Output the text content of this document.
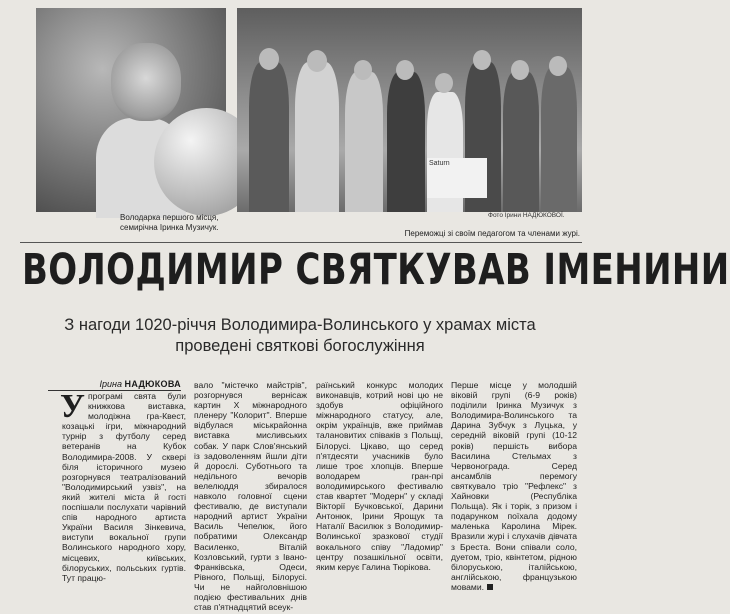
Володарка першого місця, семирічна Іринка Музичук.
Saturn
Фото Ірини НАДЮКОВОЇ.
Переможці зі своїм педагогом та членами журі.
ВОЛОДИМИР СВЯТКУВАВ ІМЕНИНИ
З нагоди 1020-річчя Володимира-Волинського у храмах міста проведені святкові богослужіння
Ірина НАДЮКОВА
Упрограмі свята були книжкова виставка, молодіжна гра-Квест, козацькі ігри, міжнародний турнір з футболу серед ветеранів на Кубок Володимира-2008. У сквері біля історичного музею розгорнувся театралізований "Володимирський узвіз", на який жителі міста й гості поспішали послухати чарівний спів народного артиста України Василя Зінкевича, виступи вокальної групи Волинського народного хору, місцевих, київських, білоруських, польських гуртів. Тут працю-
вало "містечко майстрів", розгорнувся вернісаж картин Х міжнародного пленеру "Колорит". Вперше відбулася міськрайонна виставка мисливських собак. У парк Слов'янський із задоволенням йшли діти й дорослі. Суботнього та недільного вечорів велелюддя збиралося навколо головної сцени фестивалю, де виступали народний артист України Василь Чепелюк, його побратими Олександр Василенко, Віталій Козловський, гурти з Івано-Франківська, Одеси, Рівного, Польщі, Білорусі. Чи не найголовнішою подією фестивальних днів став п'ятнадцятий всеук-
раїнський конкурс молодих виконавців, котрий нові цю не здобув офіційного міжнародного статусу, але, окрім українців, вже приймав талановитих співаків з Польщі, Білорусі. Цікаво, що серед п'ятдесяти учасників було лише троє хлопців. Вперше володарем гран-прі володимирського фестивалю став квартет "Модерн" у складі Вікторії Бучковської, Дарини Антонюк, Ірини Ярощук та Наталії Василюк з Володимир-Волинської зразкової студії вокального співу "Ладомир" центру позашкільної освіти, яким керує Галина Тюрікова.
Перше місце у молодшій віковій групі (6-9 років) поділили Іринка Музичук з Володимира-Волинського та Дарина Зубчук з Луцька, у середній віковій групі (10-12 років) першість вибора Василина Стельмах з Червонограда. Серед ансамблів перемогу святкувало тріо "Рефлекс" з Хайновки (Республіка Польща). Як і торік, з призом і подарунком поїхала додому маленька Каролина Мірек. Вразили журі і слухачів дівчата з Бреста. Вони співали соло, дуетом, тріо, квінтетом, рідною білоруською, італійською, англійською, французькою мовами.
